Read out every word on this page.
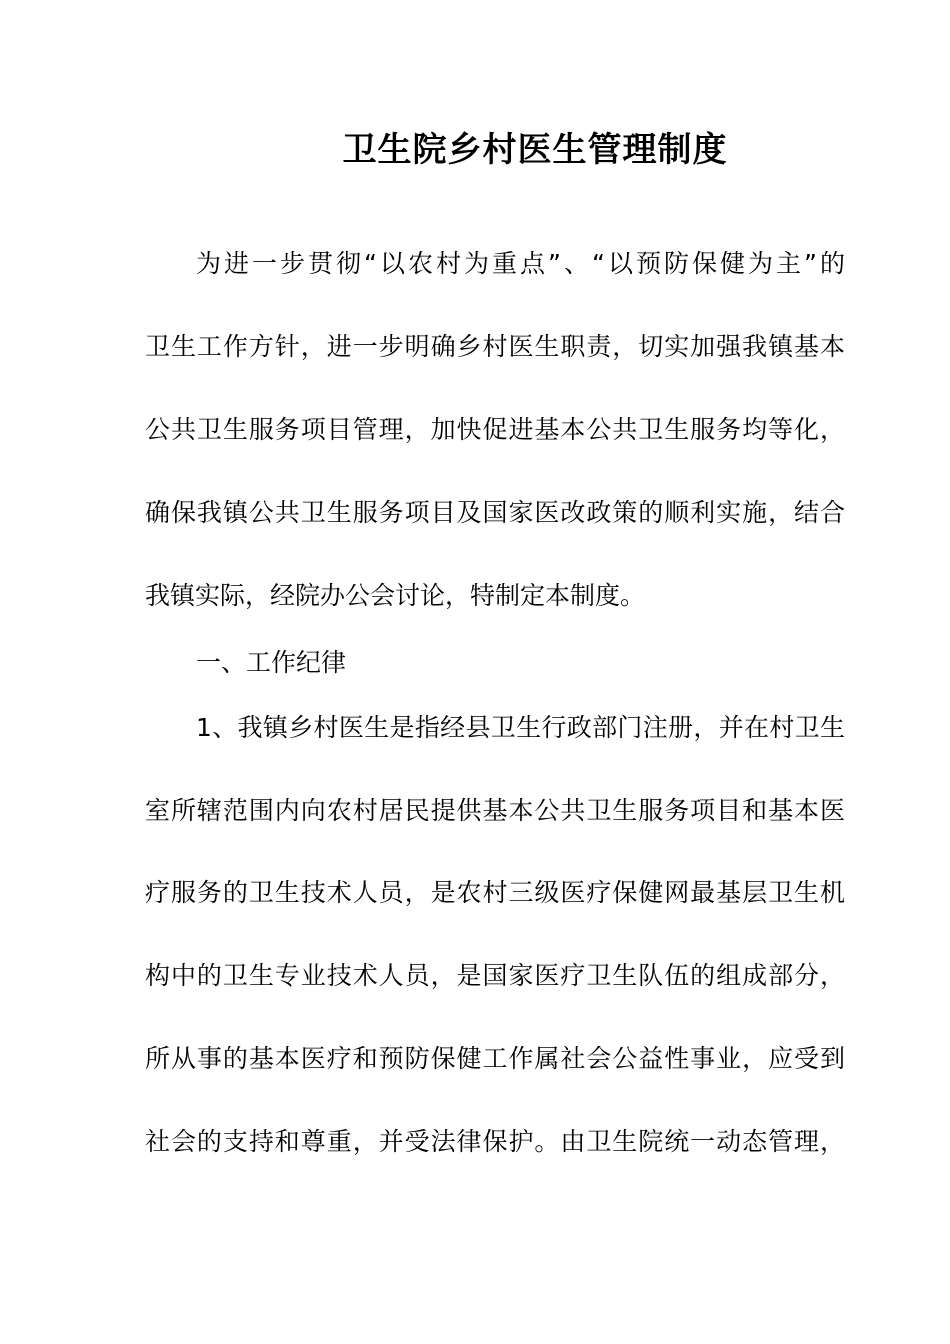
卫生院乡村医生管理制度
为进一步贯彻“以农村为重点”、“以预防保健为主”的
卫生工作方针，进一步明确乡村医生职责，切实加强我镇基本
公共卫生服务项目管理，加快促进基本公共卫生服务均等化，
确保我镇公共卫生服务项目及国家医改政策的顺利实施，结合
我镇实际，经院办公会讨论，特制定本制度。
一、工作纪律
1、我镇乡村医生是指经县卫生行政部门注册，并在村卫生
室所辖范围内向农村居民提供基本公共卫生服务项目和基本医
疗服务的卫生技术人员，是农村三级医疗保健网最基层卫生机
构中的卫生专业技术人员，是国家医疗卫生队伍的组成部分，
所从事的基本医疗和预防保健工作属社会公益性事业，应受到
社会的支持和尊重，并受法律保护。由卫生院统一动态管理，
